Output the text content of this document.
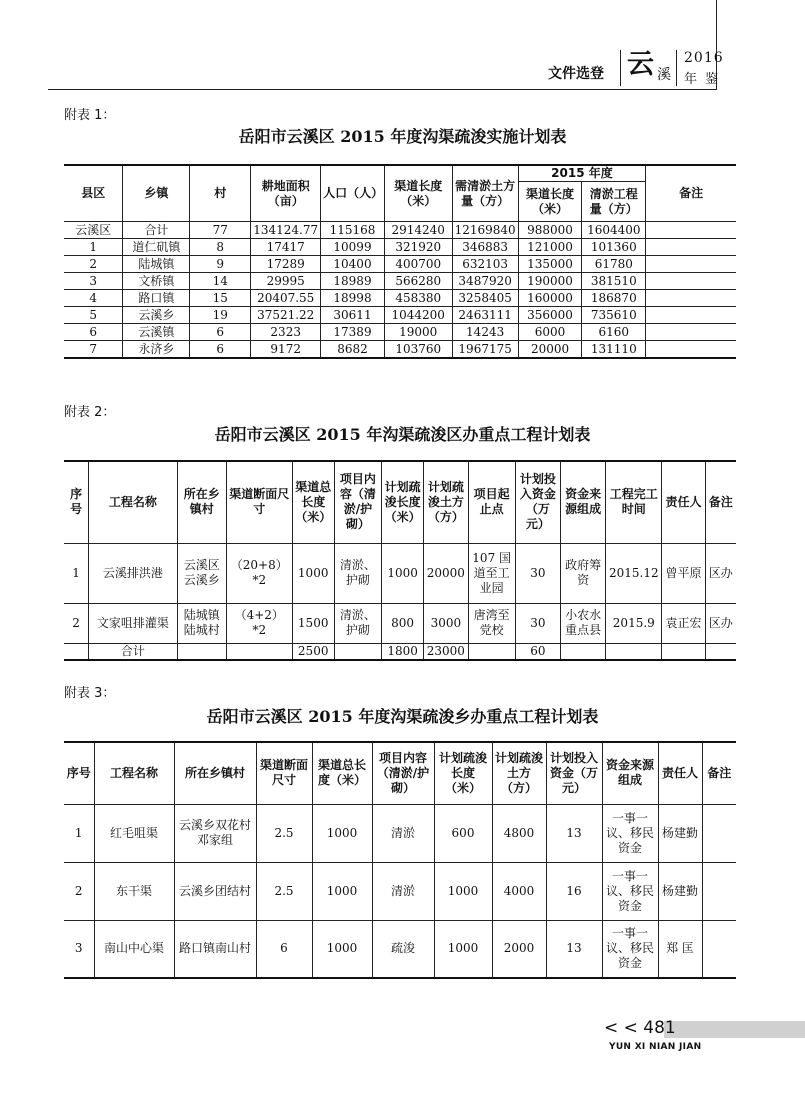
文件选登 云 溪
2016
年 鉴
附表 1：
岳阳市云溪区 2015 年度沟渠疏浚实施计划表
县区	乡镇	村	耕地面积（亩）	人口（人）	渠道长度（米）	需清淤土方量（方）	2015 年度		备注
							渠道长度（米）	清淤工程量（方）	
云溪区	合计	77	134124.77	115168	2914240	12169840	988000	1604400	
1	道仁矶镇	8	17417	10099	321920	346883	121000	101360	
2	陆城镇	9	17289	10400	400700	632103	135000	61780	
3	文桥镇	14	29995	18989	566280	3487920	190000	381510	
4	路口镇	15	20407.55	18998	458380	3258405	160000	186870	
5	云溪乡	19	37521.22	30611	1044200	2463111	356000	735610	
6	云溪镇	6	2323	17389	19000	14243	6000	6160	
7	永济乡	6	9172	8682	103760	1967175	20000	131110	
附表 2：
岳阳市云溪区 2015 年沟渠疏浚区办重点工程计划表
序号	工程名称	所在乡镇村	渠道断面尺寸	渠道总长度（米）	项目内容（清淤/护砌）	计划疏浚长度（米）	计划疏浚土方（方）	项目起止点	计划投入资金（万元）	资金来源组成	工程完工时间	责任人	备注
1	云溪排洪港	云溪区云溪乡	（20+8）*2	1000	清淤、护砌	1000	20000	107 国道至工业园	30	政府筹资	2015.12	曾平原	区办
2	文家咀排灌渠	陆城镇陆城村	（4+2）*2	1500	清淤、护砌	800	3000	唐湾至党校	30	小农水重点县	2015.9	袁正宏	区办
	合计			2500		1800	23000		60				
附表 3：
岳阳市云溪区 2015 年度沟渠疏浚乡办重点工程计划表
序号	工程名称	所在乡镇村	渠道断面尺寸	渠道总长度（米）	项目内容（清淤/护砌）	计划疏浚长度（米）	计划疏浚土方（方）	计划投入资金（万元）	资金来源组成	责任人	备注
1	红毛咀渠	云溪乡双花村邓家组	2.5	1000	清淤	600	4800	13	一事一议、移民资金	杨建勤	
2	东干渠	云溪乡团结村	2.5	1000	清淤	1000	4000	16	一事一议、移民资金	杨建勤	
3	南山中心渠	路口镇南山村	6	1000	疏浚	1000	2000	13	一事一议、移民资金	郑 匡	
< < 481
YUN XI NIAN JIAN
